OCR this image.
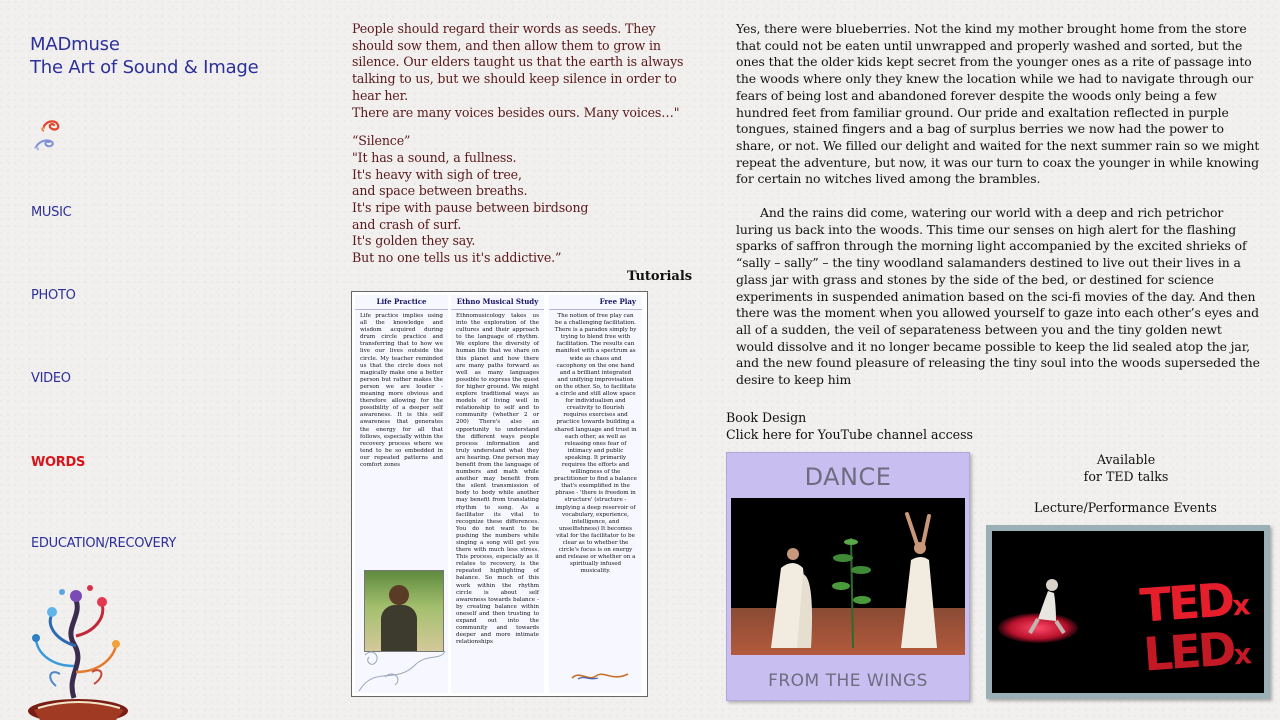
MADmuse
The Art of Sound & Image
MUSIC
PHOTO
VIDEO
WORDS
EDUCATION/RECOVERY

People should regard their words as seeds. They should sow them, and then allow them to grow in silence. Our elders taught us that the earth is always talking to us, but we should keep silence in order to hear her.

There are many voices besides ours. Many voices…"

“Silence”

"It has a sound, a fullness.

It's heavy with sigh of tree,

and space between breaths.

It's ripe with pause between birdsong

and crash of surf.

It's golden they say.

But no one tells us it's addictive.”

Tutorials
Life Practice
Life practice implies using all the knowledge and wisdom acquired during drum circle practice and transferring that to how we live our lives outside the circle. My teacher reminded us that the circle does not magically make one a better person but rather makes the person we are louder - meaning more obvious and therefore allowing for the possibility of a deeper self awareness. It is this self awareness that generates the energy for all that follows, especially within the recovery process where we tend to be so embedded in our repeated patterns and comfort zones
Ethno Musical Study
Ethnomusicology takes us into the exploration of the cultures and their approach to the language of rhythm. We explore the diversity of human life that we share on this planet and how there are many paths forward as well as many languages possible to express the quest for higher ground. We might explore traditional ways as models of living well in relationship to self and to community (whether 2 or 200) There's also an opportunity to understand the different ways people process information and truly understand what they are hearing. One person may benefit from the language of numbers and math while another may benefit from the silent transmission of body to body while another may benefit from translating rhythm to song. As a facilitator its vital to recognize these differences. You do not want to be pushing the numbers while singing a song will get you there with much less stress. This process, especially as it relates to recovery, is the repeated highlighting of balance. So much of this work within the rhythm circle is about self awareness towards balance - by creating balance within oneself and then trusting to expand out into the community and towards deeper and more intimate relationships
Free Play
The notion of free play can be a challenging facilitation. There is a paradox simply by trying to blend free with facilitation. The results can manifest with a spectrum as wide as chaos and cacophony on the one hand and a brilliant integrated and unifying improvisation on the other. So, to facilitate a circle and still allow space for individualism and creativity to flourish requires exercises and practice towards building a shared language and trust in each other, as well as releasing ones fear of intimacy and public speaking. It primarily requires the efforts and willingness of the practitioner to find a balance that's exemplified in the phrase - 'there is freedom in structure' (structure - implying a deep reservoir of vocabulary, experience, intelligence, and unselfishness) It becomes vital for the facilitator to be clear as to whether the circle's focus is on energy and release or whether on a spiritually infused musicality.

Yes, there were blueberries. Not the kind my mother brought home from the store that could not be eaten until unwrapped and properly washed and sorted, but the ones that the older kids kept secret from the younger ones as a rite of passage into the woods where only they knew the location while we had to navigate through our fears of being lost and abandoned forever despite the woods only being a few hundred feet from familiar ground. Our pride and exaltation reflected in purple tongues, stained fingers and a bag of surplus berries we now had the power to share, or not. We filled our delight and waited for the next summer rain so we might repeat the adventure, but now, it was our turn to coax the younger in while knowing for certain no witches lived among the brambles.

And the rains did come, watering our world with a deep and rich petrichor luring us back into the woods. This time our senses on high alert for the flashing sparks of saffron through the morning light accompanied by the excited shrieks of “sally – sally” – the tiny woodland salamanders destined to live out their lives in a glass jar with grass and stones by the side of the bed, or destined for science experiments in suspended animation based on the sci-fi movies of the day. And then there was the moment when you allowed yourself to gaze into each other’s eyes and all of a sudden, the veil of separateness between you and the tiny golden newt would dissolve and it no longer became possible to keep the lid sealed atop the jar, and the new found pleasure of releasing the tiny soul into the woods superseded the desire to keep him

Book Design
Click here for YouTube channel access
DANCE
FROM THE WINGS
Available
for TED talks
Lecture/Performance Events
TEDx
LEDx
